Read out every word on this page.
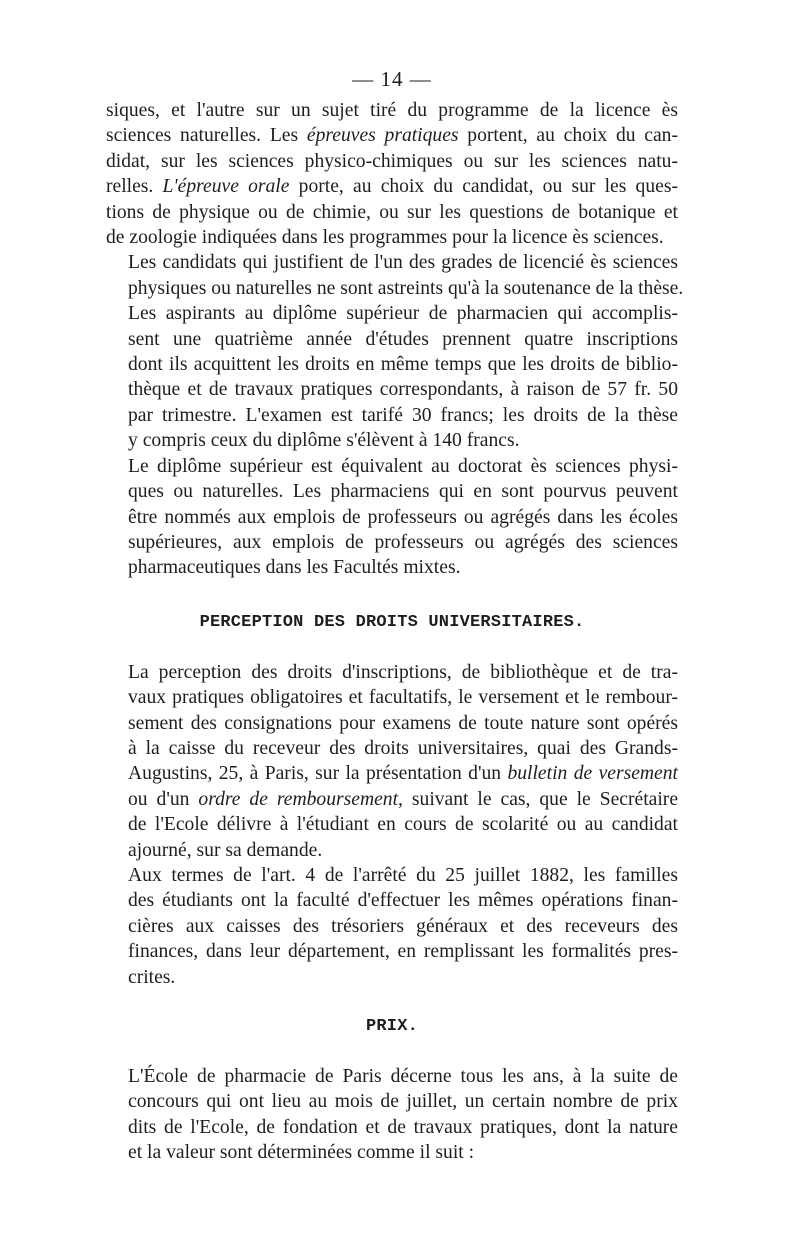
— 14 —

siques, et l'autre sur un sujet tiré du programme de la licence ès
sciences naturelles. Les épreuves pratiques portent, au choix du can-
didat, sur les sciences physico-chimiques ou sur les sciences natu-
relles. L'épreuve orale porte, au choix du candidat, ou sur les ques-
tions de physique ou de chimie, ou sur les questions de botanique et
de zoologie indiquées dans les programmes pour la licence ès sciences.

Les candidats qui justifient de l'un des grades de licencié ès sciences
physiques ou naturelles ne sont astreints qu'à la soutenance de la thèse.

Les aspirants au diplôme supérieur de pharmacien qui accomplis-
sent une quatrième année d'études prennent quatre inscriptions
dont ils acquittent les droits en même temps que les droits de biblio-
thèque et de travaux pratiques correspondants, à raison de 57 fr. 50
par trimestre. L'examen est tarifé 30 francs; les droits de la thèse
y compris ceux du diplôme s'élèvent à 140 francs.

Le diplôme supérieur est équivalent au doctorat ès sciences physi-
ques ou naturelles. Les pharmaciens qui en sont pourvus peuvent
être nommés aux emplois de professeurs ou agrégés dans les écoles
supérieures, aux emplois de professeurs ou agrégés des sciences
pharmaceutiques dans les Facultés mixtes.

PERCEPTION DES DROITS UNIVERSITAIRES.

La perception des droits d'inscriptions, de bibliothèque et de tra-
vaux pratiques obligatoires et facultatifs, le versement et le rembour-
sement des consignations pour examens de toute nature sont opérés
à la caisse du receveur des droits universitaires, quai des Grands-
Augustins, 25, à Paris, sur la présentation d'un bulletin de versement
ou d'un ordre de remboursement, suivant le cas, que le Secrétaire
de l'Ecole délivre à l'étudiant en cours de scolarité ou au candidat
ajourné, sur sa demande.

Aux termes de l'art. 4 de l'arrêté du 25 juillet 1882, les familles
des étudiants ont la faculté d'effectuer les mêmes opérations finan-
cières aux caisses des trésoriers généraux et des receveurs des
finances, dans leur département, en remplissant les formalités pres-
crites.

PRIX.

L'École de pharmacie de Paris décerne tous les ans, à la suite de
concours qui ont lieu au mois de juillet, un certain nombre de prix
dits de l'Ecole, de fondation et de travaux pratiques, dont la nature
et la valeur sont déterminées comme il suit :
